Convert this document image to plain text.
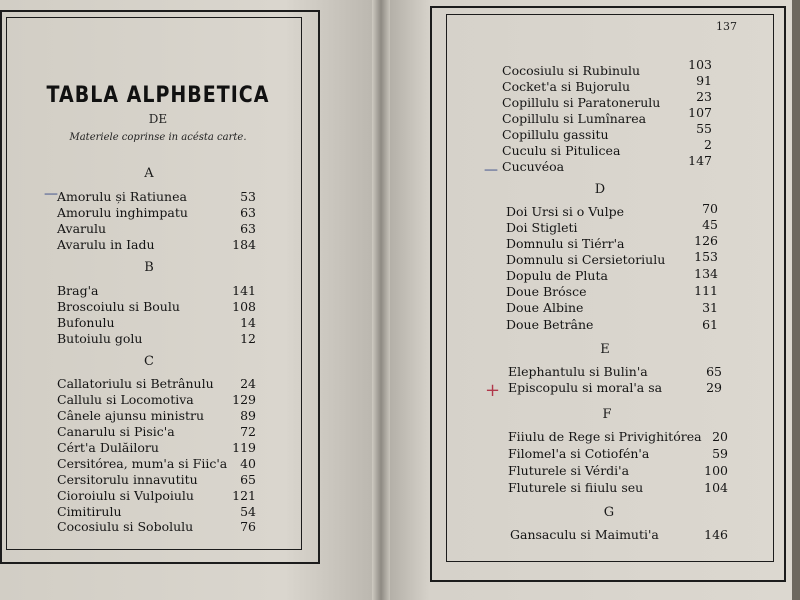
TABLA ALPHBETICA
DE
Materiele coprinse in acésta carte.
137
A
Amorulu și Ratiunea	53
Amorulu inghimpatu	63
Avarulu	63
Avarulu in Iadu	184
B
Brag'a	141
Broscoiulu si Boulu	108
Bufonulu	14
Butoiulu golu	12
C
Callatoriulu si Betrânulu	24
Callulu si Locomotiva	129
Cânele ajunsu ministru	89
Canarulu si Pisic'a	72
Cért'a Dulăiloru	119
Cersitórea, mum'a si Fiic'a	40
Cersitorulu innavutitu	65
Cioroiulu si Vulpoiulu	121
Cimitirulu	54
Cocosiulu si Sobolulu	76
Cocosiulu si Rubinulu	103
Cocket'a si Bujorulu	91
Copillulu si Paratonerulu	23
Copillulu si Lumînarea	107
Copillulu gassitu	55
Cuculu si Pitulicea	2
Cucuvéoa	147
D
Doi Ursi si o Vulpe	70
Doi Stigleti	45
Domnulu si Tiérr'a	126
Domnulu si Cersietoriulu	153
Dopulu de Pluta	134
Doue Brósce	111
Doue Albine	31
Doue Betrâne	61
E
Elephantulu si Bulin'a	65
Episcopulu si moral'a sa	29
F
Fiiulu de Rege si Privighitórea 20
Filomel'a si Cotiofén'a	59
Fluturele si Vérdi'a	100
Fluturele si fiiulu seu	104
G
Gansaculu si Maimuti'a	146
—
—
+
